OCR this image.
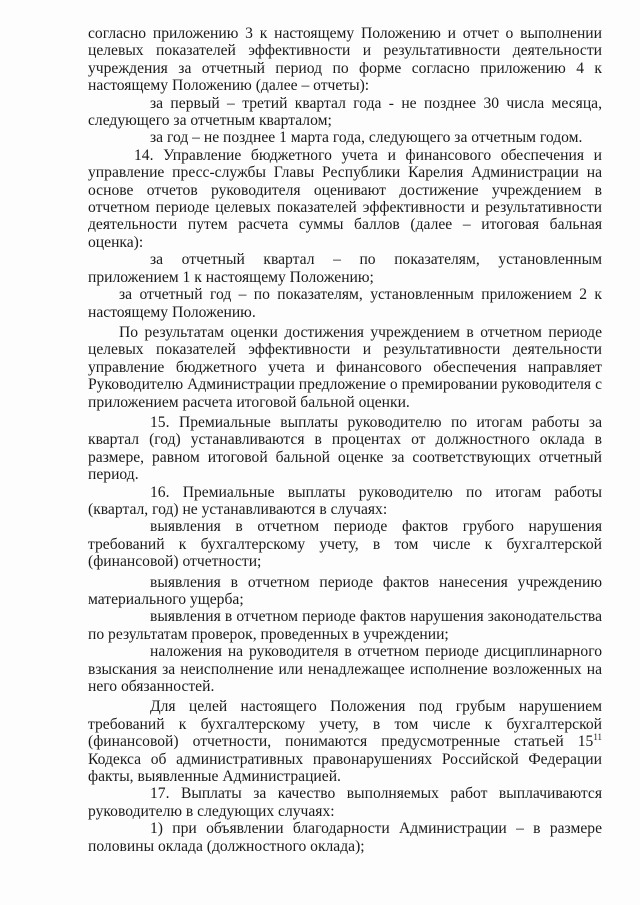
согласно приложению 3 к настоящему Положению и отчет о выполнении целевых показателей эффективности и результативности деятельности учреждения за отчетный период по форме согласно приложению 4 к настоящему Положению (далее – отчеты):

за первый – третий квартал года - не позднее 30 числа месяца, следующего за отчетным кварталом;

за год – не позднее 1 марта года, следующего за отчетным годом.

14. Управление бюджетного учета и финансового обеспечения и управление пресс-службы Главы Республики Карелия Администрации на основе отчетов руководителя оценивают достижение учреждением в отчетном периоде целевых показателей эффективности и результативности деятельности путем расчета суммы баллов (далее – итоговая бальная оценка):

за отчетный квартал – по показателям, установленным приложением 1 к настоящему Положению;

за отчетный год – по показателям, установленным приложением 2 к настоящему Положению.

По результатам оценки достижения учреждением в отчетном периоде целевых показателей эффективности и результативности деятельности управление бюджетного учета и финансового обеспечения направляет Руководителю Администрации предложение о премировании руководителя с приложением расчета итоговой бальной оценки.

15. Премиальные выплаты руководителю по итогам работы за квартал (год) устанавливаются в процентах от должностного оклада в размере, равном итоговой бальной оценке за соответствующих отчетный период.

16. Премиальные выплаты руководителю по итогам работы (квартал, год) не устанавливаются в случаях:

выявления в отчетном периоде фактов грубого нарушения требований к бухгалтерскому учету, в том числе к бухгалтерской (финансовой) отчетности;

выявления в отчетном периоде фактов нанесения учреждению материального ущерба;

выявления в отчетном периоде фактов нарушения законодательства по результатам проверок, проведенных в учреждении;

наложения на руководителя в отчетном периоде дисциплинарного взыскания за неисполнение или ненадлежащее исполнение возложенных на него обязанностей.

Для целей настоящего Положения под грубым нарушением требований к бухгалтерскому учету, в том числе к бухгалтерской (финансовой) отчетности, понимаются предусмотренные статьей $15^{11}$ Кодекса об административных правонарушениях Российской Федерации факты, выявленные Администрацией.

17. Выплаты за качество выполняемых работ выплачиваются руководителю в следующих случаях:

1) при объявлении благодарности Администрации – в размере половины оклада (должностного оклада);
